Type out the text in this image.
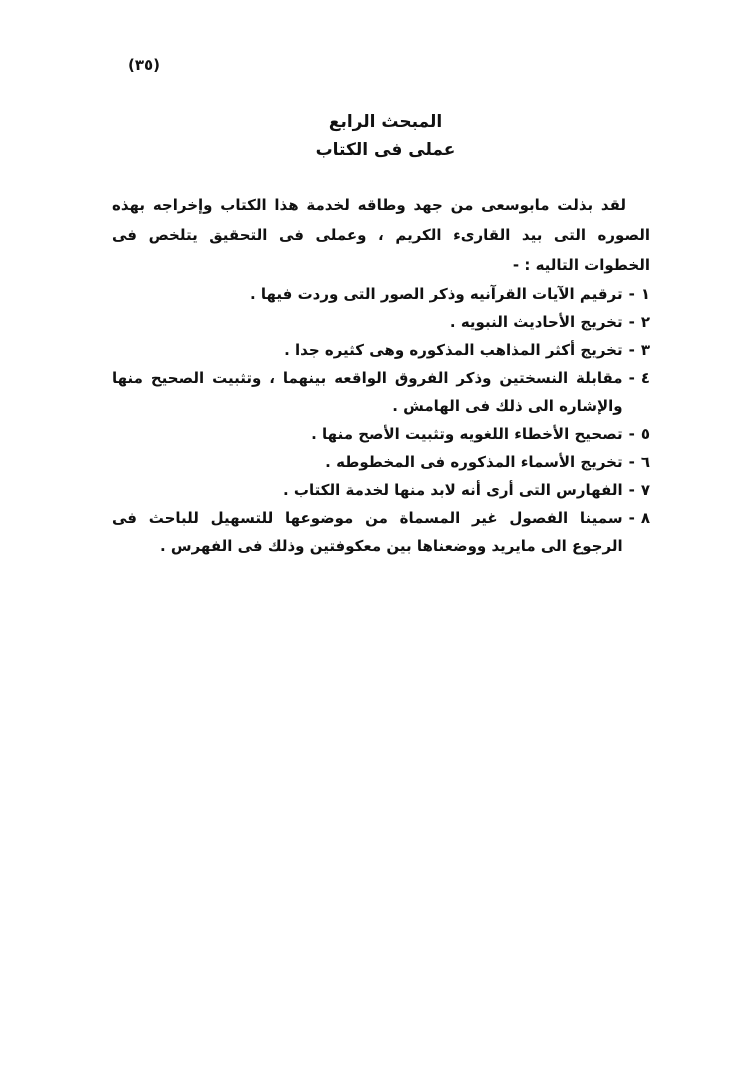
(٣٥)
المبحث الرابع
عملى فى الكتاب

لقد بذلت مابوسعى من جهد وطاقه لخدمة هذا الكتاب وإخراجه بهذه الصوره التى بيد القارىء الكريم ، وعملى فى التحقيق يتلخص فى الخطوات التاليه : -

١
-
ترقيم الآيات القرآنيه وذكر الصور التى وردت فيها .
٢
-
تخريج الأحاديث النبويه .
٣
-
تخريج أكثر المذاهب المذكوره وهى كثيره جدا .
٤
-
مقابلة النسختين وذكر الفروق الواقعه بينهما ، وتثبيت الصحيح منها والإشاره الى ذلك فى الهامش .
٥
-
تصحيح الأخطاء اللغويه وتثبيت الأصح منها .
٦
-
تخريج الأسماء المذكوره فى المخطوطه .
٧
-
الفهارس التى أرى أنه لابد منها لخدمة الكتاب .
٨
-
سمينا الفصول غير المسماة من موضوعها للتسهيل للباحث فى الرجوع الى مايريد ووضعناها بين معكوفتين وذلك فى الفهرس .
